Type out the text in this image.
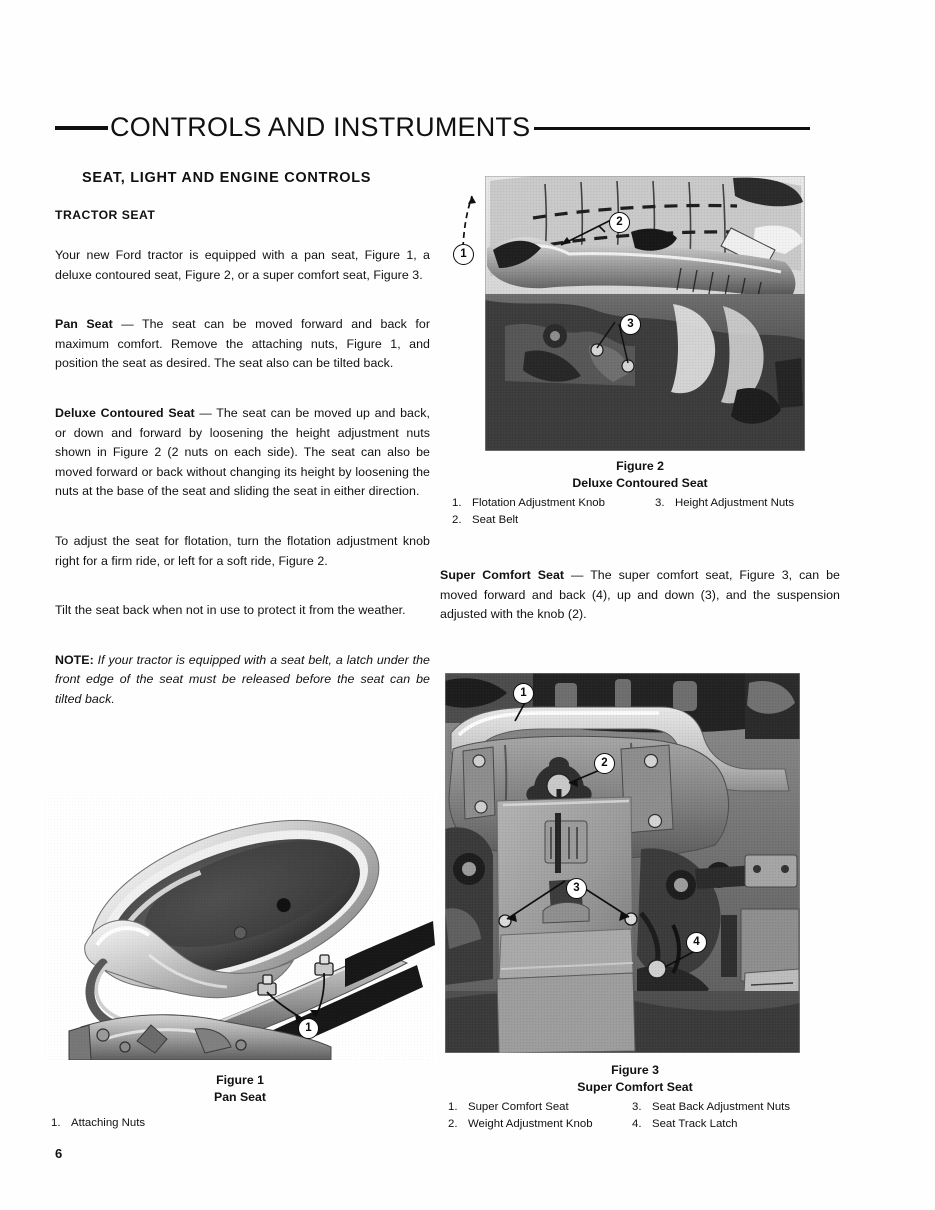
CONTROLS AND INSTRUMENTS
SEAT, LIGHT AND ENGINE CONTROLS
TRACTOR SEAT

Your new Ford tractor is equipped with a pan seat, Figure 1, a deluxe contoured seat, Figure 2, or a super comfort seat, Figure 3.

Pan Seat — The seat can be moved forward and back for maximum comfort. Remove the attaching nuts, Figure 1, and position the seat as desired. The seat also can be tilted back.

Deluxe Contoured Seat — The seat can be moved up and back, or down and forward by loosening the height adjustment nuts shown in Figure 2 (2 nuts on each side). The seat can also be moved forward or back without changing its height by loosening the nuts at the base of the seat and sliding the seat in either direction.

To adjust the seat for flotation, turn the flotation adjustment knob right for a firm ride, or left for a soft ride, Figure 2.

Tilt the seat back when not in use to protect it from the weather.

NOTE: If your tractor is equipped with a seat belt, a latch under the front edge of the seat must be released before the seat can be tilted back.

1
2
3
Figure 2
Deluxe Contoured Seat
1. Flotation Adjustment Knob
2. Seat Belt
3. Height Adjustment Nuts

Super Comfort Seat — The super comfort seat, Figure 3, can be moved forward and back (4), up and down (3), and the suspension adjusted with the knob (2).

1
Figure 1
Pan Seat
1. Attaching Nuts
1
2
3
4
Figure 3
Super Comfort Seat
1. Super Comfort Seat
2. Weight Adjustment Knob
3. Seat Back Adjustment Nuts
4. Seat Track Latch
6
